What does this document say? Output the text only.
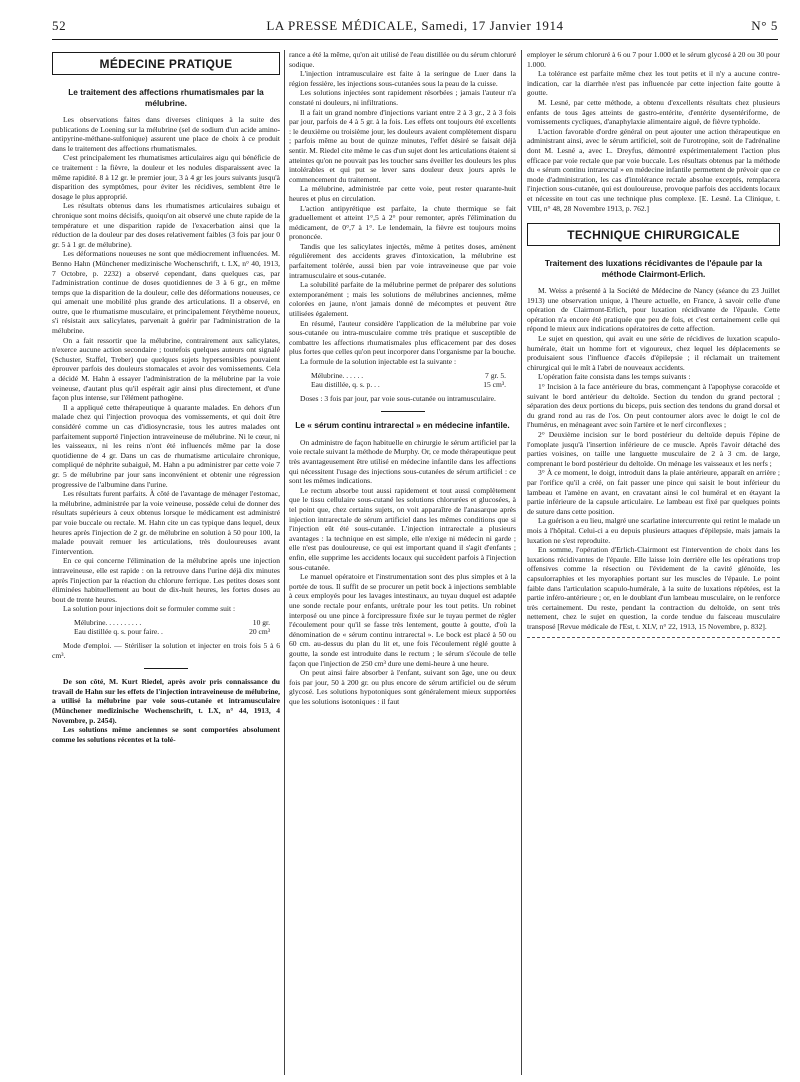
52	LA PRESSE MÉDICALE, Samedi, 17 Janvier 1914	N° 5
MÉDECINE PRATIQUE
Le traitement des affections rhumatismales par la mélubrine.

Les observations faites dans diverses cliniques à la suite des publications de Loening sur la mélubrine (sel de sodium d'un acide amino-antipyrine-méthane-sulfonique) assurent une place de choix à ce produit dans le traitement des affections rhumatismales.

C'est principalement les rhumatismes articulaires aigu qui bénéficie de ce traitement : la fièvre, la douleur et les nodules disparaissent avec la même rapidité. 8 à 12 gr. le premier jour, 3 à 4 gr les jours suivants jusqu'à disparition des symptômes, pour éviter les récidives, semblent être le dosage le plus approprié.

Les résultats obtenus dans les rhumatismes articulaires subaigu et chronique sont moins décisifs, quoiqu'on ait observé une chute rapide de la température et une disparition rapide de l'exacerbation ainsi que la réduction de la douleur par des doses relativement faibles (3 fois par jour 0 gr. 5 à 1 gr. de mélubrine).

Les déformations noueuses ne sont que médiocrement influencées. M. Benno Hahn (Münchener medizinische Wochenschrift, t. LX, n° 40, 1913, 7 Octobre, p. 2232) a observé cependant, dans quelques cas, par l'administration continue de doses quotidiennes de 3 à 6 gr., en même temps que la disparition de la douleur, celle des déformations noueuses, ce qui amenait une mobilité plus grande des articulations. Il a observé, en outre, que le rhumatisme musculaire, et principalement l'érythème noueux, s'i résistait aux salicylates, parvenait à guérir par l'administration de la mélubrine.

On a fait ressortir que la mélubrine, contrairement aux salicylates, n'exerce aucune action secondaire ; toutefois quelques auteurs ont signalé (Schuster, Staffel, Treber) que quelques sujets hypersensibles pouvaient éprouver parfois des douleurs stomacales et avoir des vomissements. Cela a décidé M. Hahn à essayer l'administration de la mélubrine par la voie veineuse, d'autant plus qu'il espérait agir ainsi plus directement, et d'une façon plus intense, sur l'élément pathogène.

Il a appliqué cette thérapeutique à quarante malades. En dehors d'un malade chez qui l'injection provoqua des vomissements, et qui doit être considéré comme un cas d'idiosyncrasie, tous les autres malades ont parfaitement supporté l'injection intraveineuse de mélubrine. Ni le cœur, ni les vaisseaux, ni les reins n'ont été influencés même par la dose quotidienne de 4 gr. Dans un cas de rhumatisme articulaire chronique, compliqué de néphrite subaiguë, M. Hahn a pu administrer par cette voie 7 gr. 5 de mélubrine par jour sans inconvénient et obtenir une régression progressive de l'albumine dans l'urine.

Les résultats furent parfaits. À côté de l'avantage de ménager l'estomac, la mélubrine, administrée par la voie veineuse, possède celui de donner des résultats supérieurs à ceux obtenus lorsque le médicament est administré par voie buccale ou rectale. M. Hahn cite un cas typique dans lequel, deux heures après l'injection de 2 gr. de mélubrine en solution à 50 pour 100, la malade pouvait remuer les articulations, très douloureuses avant l'intervention.

En ce qui concerne l'élimination de la mélubrine après une injection intraveineuse, elle est rapide : on la retrouve dans l'urine déjà dix minutes après l'injection par la réaction du chlorure ferrique. Les petites doses sont éliminées habituellement au bout de dix-huit heures, les fortes doses au bout de trente heures.

La solution pour injections doit se formuler comme suit :

Mélubrine. . . . . . . . . .	10 gr.
Eau distillée q. s. pour faire. .	20 cm³

Mode d'emploi. — Stériliser la solution et injecter en trois fois 5 à 6 cm³.

De son côté, M. Kurt Riedel, après avoir pris connaissance du travail de Hahn sur les effets de l'injection intraveineuse de mélubrine, a utilisé la mélubrine par voie sous-cutanée et intramusculaire (Münchener medizinische Wochenschrift, t. LX, n° 44, 1913, 4 Novembre, p. 2454).

Les solutions même anciennes se sont comportées absolument comme les solutions récentes et la tolé-

rance a été la même, qu'on ait utilisé de l'eau distillée ou du sérum chloruré sodique.

L'injection intramusculaire est faite à la seringue de Luer dans la région fessière, les injections sous-cutanées sous la peau de la cuisse.

Les solutions injectées sont rapidement résorbées ; jamais l'auteur n'a constaté ni douleurs, ni infiltrations.

Il a fait un grand nombre d'injections variant entre 2 à 3 gr., 2 à 3 fois par jour, parfois de 4 à 5 gr. à la fois. Les effets ont toujours été excellents : le deuxième ou troisième jour, les douleurs avaient complètement disparu ; parfois même au bout de quinze minutes, l'effet désiré se faisait déjà sentir. M. Riedel cite même le cas d'un sujet dont les articulations étaient si atteintes qu'on ne pouvait pas les toucher sans éveiller les douleurs les plus intolérables et qui put se lever sans douleur deux jours après le commencement du traitement.

La mélubrine, administrée par cette voie, peut rester quarante-huit heures et plus en circulation.

L'action antipyrétique est parfaite, la chute thermique se fait graduellement et atteint 1°,5 à 2° pour remonter, après l'élimination du médicament, de 0°,7 à 1°. Le lendemain, la fièvre est toujours moins prononcée.

Tandis que les salicylates injectés, même à petites doses, amènent régulièrement des accidents graves d'intoxication, la mélubrine est parfaitement tolérée, aussi bien par voie intraveineuse que par voie intramusculaire et sous-cutanée.

La solubilité parfaite de la mélubrine permet de préparer des solutions extemporanément ; mais les solutions de mélubrines anciennes, même colorées en jaune, n'ont jamais donné de mécomptes et peuvent être utilisées également.

En résumé, l'auteur considère l'application de la mélubrine par voie sous-cutanée ou intra-musculaire comme très pratique et susceptible de combattre les affections rhumatismales plus efficacement par des doses plus fortes que celles qu'on peut incorporer dans l'organisme par la bouche.

La formule de la solution injectable est la suivante :

Mélubrine. . . . . .	7 gr. 5.
Eau distillée, q. s. p. . .	15 cm³.

Doses : 3 fois par jour, par voie sous-cutanée ou intramusculaire.

Le « sérum continu intrarectal » en médecine infantile.

On administre de façon habituelle en chirurgie le sérum artificiel par la voie rectale suivant la méthode de Murphy. Or, ce mode thérapeutique peut très avantageusement être utilisé en médecine infantile dans les affections qui nécessitent l'usage des injections sous-cutanées de sérum artificiel : ce sont les mêmes indications.

Le rectum absorbe tout aussi rapidement et tout aussi complètement que le tissu cellulaire sous-cutané les solutions chlorurées et glucosées, à tel point que, chez certains sujets, on voit apparaître de l'anasarque après injection intrarectale de sérum artificiel dans les mêmes conditions que si l'injection eût été sous-cutanée. L'injection intrarectale a plusieurs avantages : la technique en est simple, elle n'exige ni médecin ni garde ; elle n'est pas douloureuse, ce qui est important quand il s'agit d'enfants ; enfin, elle supprime les accidents locaux qui succèdent parfois à l'injection sous-cutanée.

Le manuel opératoire et l'instrumentation sont des plus simples et à la portée de tous. Il suffit de se procurer un petit bock à injections semblable à ceux employés pour les lavages intestinaux, au tuyau duquel est adaptée une sonde rectale pour enfants, urétrale pour les tout petits. Un robinet interposé ou une pince à forcipressure fixée sur le tuyau permet de régler l'écoulement pour qu'il se fasse très lentement, goutte à goutte, d'où la dénomination de « sérum continu intrarectal ». Le bock est placé à 50 ou 60 cm. au-dessus du plan du lit et, une fois l'écoulement réglé goutte à goutte, la sonde est introduite dans le rectum ; le sérum s'écoule de telle façon que l'injection de 250 cm³ dure une demi-heure à une heure.

On peut ainsi faire absorber à l'enfant, suivant son âge, une ou deux fois par jour, 50 à 200 gr. ou plus encore de sérum artificiel ou de sérum glycosé. Les solutions hypotoniques sont généralement mieux supportées que les solutions isotoniques : il faut

employer le sérum chloruré à 6 ou 7 pour 1.000 et le sérum glycosé à 20 ou 30 pour 1.000.

La tolérance est parfaite même chez les tout petits et il n'y a aucune contre-indication, car la diarrhée n'est pas influencée par cette injection faite goutte à goutte.

M. Lesné, par cette méthode, a obtenu d'excellents résultats chez plusieurs enfants de tous âges atteints de gastro-entérite, d'entérite dysentériforme, de vomissements cycliques, d'anaphylaxie alimentaire aiguë, de fièvre typhoïde.

L'action favorable d'ordre général on peut ajouter une action thérapeutique en administrant ainsi, avec le sérum artificiel, soit de l'urotropine, soit de l'adrénaline dont M. Lesné a, avec L. Dreyfus, démontré expérimentalement l'action plus efficace par voie rectale que par voie buccale. Les résultats obtenus par la méthode du « sérum continu intrarectal » en médecine infantile permettent de prévoir que ce mode d'administration, les cas d'intolérance rectale absolue exceptés, remplacera l'injection sous-cutanée, qui est douloureuse, provoque parfois des accidents locaux et nécessite en tout cas une technique plus complexe. [E. Lesné. La Clinique, t. VIII, n° 48, 28 Novembre 1913, p. 762.]

TECHNIQUE CHIRURGICALE
Traitement des luxations récidivantes de l'épaule par la méthode Clairmont-Erlich.

M. Weiss a présenté à la Société de Médecine de Nancy (séance du 23 Juillet 1913) une observation unique, à l'heure actuelle, en France, à savoir celle d'une opération de Clairmont-Erlich, pour luxation récidivante de l'épaule. Cette opération n'a encore été pratiquée que peu de fois, et c'est certainement celle qui répond le mieux aux indications opératoires de cette affection.

Le sujet en question, qui avait eu une série de récidives de luxation scapulo-humérale, était un homme fort et vigoureux, chez lequel les déplacements se produisaient sous l'influence d'accès d'épilepsie ; il réclamait un traitement chirurgical qui le mît à l'abri de nouveaux accidents.

L'opération faite consista dans les temps suivants :

1° Incision à la face antérieure du bras, commençant à l'apophyse coracoïde et suivant le bord antérieur du deltoïde. Section du tendon du grand pectoral ; séparation des deux portions du biceps, puis section des tendons du grand dorsal et du grand rond au ras de l'os. On peut contourner alors avec le doigt le col de l'humérus, en ménageant avec soin l'artère et le nerf circonflexes ;

2° Deuxième incision sur le bord postérieur du deltoïde depuis l'épine de l'omoplate jusqu'à l'insertion inférieure de ce muscle. Après l'avoir détaché des parties voisines, on taille une languette musculaire de 2 à 3 cm. de large, comprenant le bord postérieur du deltoïde. On ménage les vaisseaux et les nerfs ;

3° À ce moment, le doigt, introduit dans la plaie antérieure, apparaît en arrière ; par l'orifice qu'il a créé, on fait passer une pince qui saisit le bout inférieur du lambeau et l'amène en avant, en cravatant ainsi le col huméral et en étayant la partie inférieure de la capsule articulaire. Le lambeau est fixé par quelques points de suture dans cette position.

La guérison a eu lieu, malgré une scarlatine intercurrente qui retint le malade un mois à l'hôpital. Celui-ci a eu depuis plusieurs attaques d'épilepsie, mais jamais la luxation ne s'est reproduite.

En somme, l'opération d'Erlich-Clairmont est l'intervention de choix dans les luxations récidivantes de l'épaule. Elle laisse loin derrière elle les opérations trop offensives comme la résection ou l'évidement de la cavité glénoïde, les capsulorraphies et les myoraphies portant sur les muscles de l'épaule. Le point faible dans l'articulation scapulo-humérale, à la suite de luxations répétées, est la partie inféro-antérieure ; or, en le doublant d'un lambeau musculaire, on le renforce très certainement. Du reste, pendant la contraction du deltoïde, on sent très nettement, chez le sujet en question, la corde tendue du faisceau musculaire transposé [Revue médicale de l'Est, t. XLV, n° 22, 1913, 15 Novembre, p. 832].
